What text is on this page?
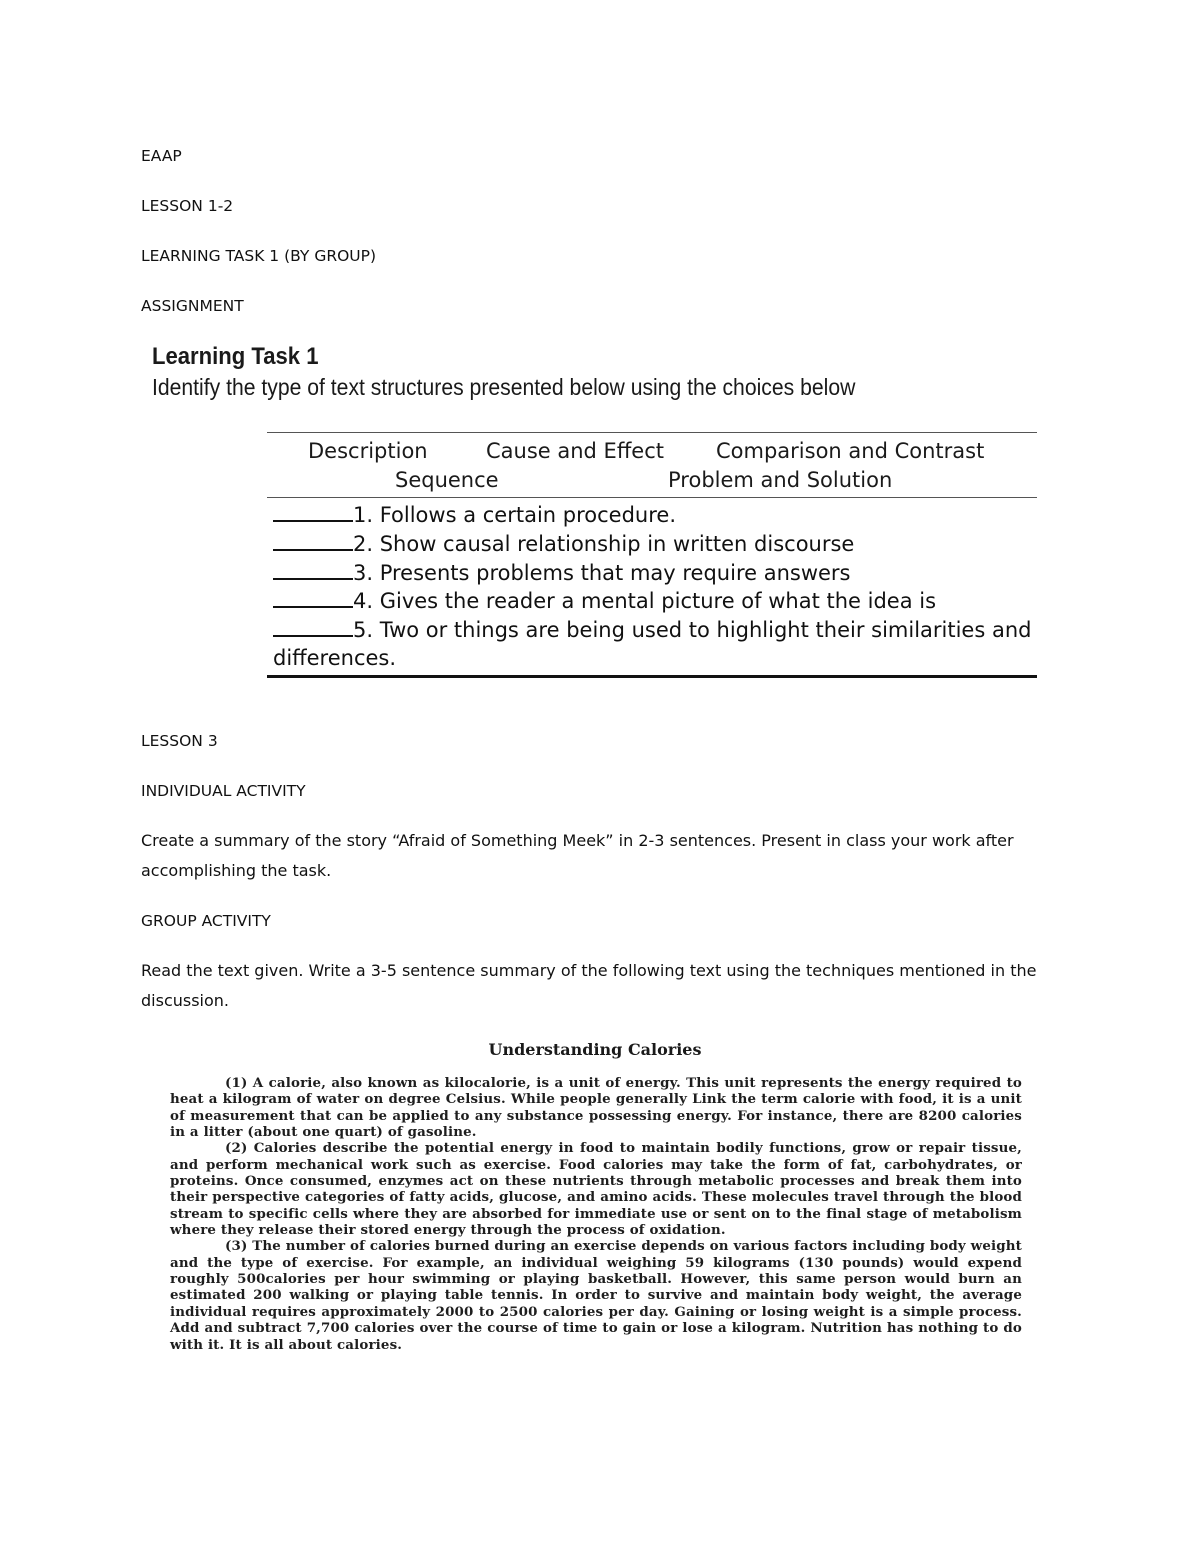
EAAP
LESSON 1-2
LEARNING TASK 1 (BY GROUP)
ASSIGNMENT
Learning Task 1
Identify the type of text structures presented below using the choices below
Description	Cause and Effect Comparison and Contrast
Sequence	Problem and Solution
1. Follows a certain procedure.
2. Show causal relationship in written discourse
3. Presents problems that may require answers
4. Gives the reader a mental picture of what the idea is
5. Two or things are being used to highlight their similarities and
differences.
LESSON 3
INDIVIDUAL ACTIVITY
Create a summary of the story “Afraid of Something Meek” in 2-3 sentences. Present in class your work after accomplishing the task.
GROUP ACTIVITY
Read the text given. Write a 3-5 sentence summary of the following text using the techniques mentioned in the discussion.
Understanding Calories

(1) A calorie, also known as kilocalorie, is a unit of energy. This unit represents the energy required to heat a kilogram of water on degree Celsius. While people generally Link the term calorie with food, it is a unit of measurement that can be applied to any substance possessing energy. For instance, there are 8200 calories in a litter (about one quart) of gasoline.

(2) Calories describe the potential energy in food to maintain bodily functions, grow or repair tissue, and perform mechanical work such as exercise. Food calories may take the form of fat, carbohydrates, or proteins. Once consumed, enzymes act on these nutrients through metabolic processes and break them into their perspective categories of fatty acids, glucose, and amino acids. These molecules travel through the blood stream to specific cells where they are absorbed for immediate use or sent on to the final stage of metabolism where they release their stored energy through the process of oxidation.

(3) The number of calories burned during an exercise depends on various factors including body weight and the type of exercise. For example, an individual weighing 59 kilograms (130 pounds) would expend roughly 500calories per hour swimming or playing basketball. However, this same person would burn an estimated 200 walking or playing table tennis. In order to survive and maintain body weight, the average individual requires approximately 2000 to 2500 calories per day. Gaining or losing weight is a simple process. Add and subtract 7,700 calories over the course of time to gain or lose a kilogram. Nutrition has nothing to do with it. It is all about calories.
